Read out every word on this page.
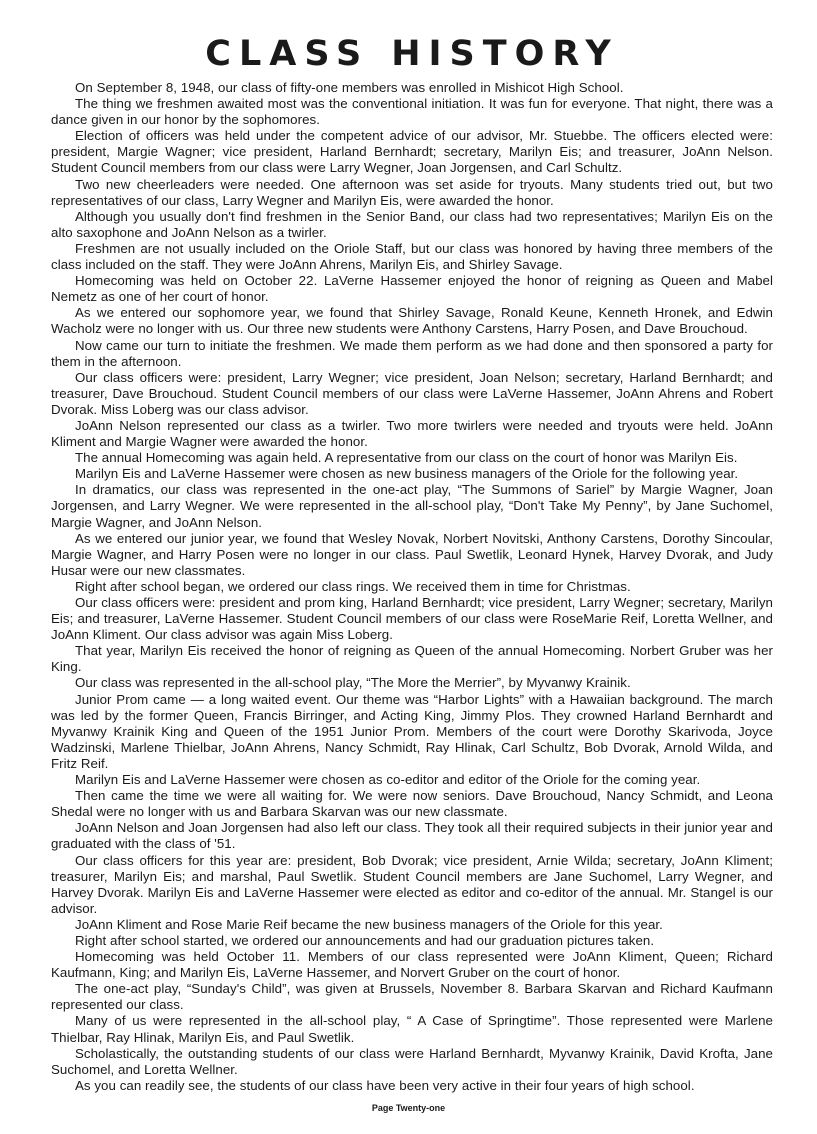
CLASS HISTORY

On September 8, 1948, our class of fifty-one members was enrolled in Mishicot High School.

The thing we freshmen awaited most was the conventional initiation. It was fun for everyone. That night, there was a dance given in our honor by the sophomores.

Election of officers was held under the competent advice of our advisor, Mr. Stuebbe. The officers elected were: president, Margie Wagner; vice president, Harland Bernhardt; secretary, Marilyn Eis; and treasurer, JoAnn Nelson. Student Council members from our class were Larry Wegner, Joan Jorgensen, and Carl Schultz.

Two new cheerleaders were needed. One afternoon was set aside for tryouts. Many students tried out, but two representatives of our class, Larry Wegner and Marilyn Eis, were awarded the honor.

Although you usually don't find freshmen in the Senior Band, our class had two representatives; Marilyn Eis on the alto saxophone and JoAnn Nelson as a twirler.

Freshmen are not usually included on the Oriole Staff, but our class was honored by having three members of the class included on the staff. They were JoAnn Ahrens, Marilyn Eis, and Shirley Savage.

Homecoming was held on October 22. LaVerne Hassemer enjoyed the honor of reigning as Queen and Mabel Nemetz as one of her court of honor.

As we entered our sophomore year, we found that Shirley Savage, Ronald Keune, Kenneth Hronek, and Edwin Wacholz were no longer with us. Our three new students were Anthony Carstens, Harry Posen, and Dave Brouchoud.

Now came our turn to initiate the freshmen. We made them perform as we had done and then sponsored a party for them in the afternoon.

Our class officers were: president, Larry Wegner; vice president, Joan Nelson; secretary, Harland Bernhardt; and treasurer, Dave Brouchoud. Student Council members of our class were LaVerne Hassemer, JoAnn Ahrens and Robert Dvorak. Miss Loberg was our class advisor.

JoAnn Nelson represented our class as a twirler. Two more twirlers were needed and tryouts were held. JoAnn Kliment and Margie Wagner were awarded the honor.

The annual Homecoming was again held. A representative from our class on the court of honor was Marilyn Eis.

Marilyn Eis and LaVerne Hassemer were chosen as new business managers of the Oriole for the following year.

In dramatics, our class was represented in the one-act play, “The Summons of Sariel” by Margie Wagner, Joan Jorgensen, and Larry Wegner. We were represented in the all-school play, “Don't Take My Penny”, by Jane Suchomel, Margie Wagner, and JoAnn Nelson.

As we entered our junior year, we found that Wesley Novak, Norbert Novitski, Anthony Carstens, Dorothy Sincoular, Margie Wagner, and Harry Posen were no longer in our class. Paul Swetlik, Leonard Hynek, Harvey Dvorak, and Judy Husar were our new classmates.

Right after school began, we ordered our class rings. We received them in time for Christmas.

Our class officers were: president and prom king, Harland Bernhardt; vice president, Larry Wegner; secretary, Marilyn Eis; and treasurer, LaVerne Hassemer. Student Council members of our class were RoseMarie Reif, Loretta Wellner, and JoAnn Kliment. Our class advisor was again Miss Loberg.

That year, Marilyn Eis received the honor of reigning as Queen of the annual Homecoming. Norbert Gruber was her King.

Our class was represented in the all-school play, “The More the Merrier”, by Myvanwy Krainik.

Junior Prom came — a long waited event. Our theme was “Harbor Lights” with a Hawaiian background. The march was led by the former Queen, Francis Birringer, and Acting King, Jimmy Plos. They crowned Harland Bernhardt and Myvanwy Krainik King and Queen of the 1951 Junior Prom. Members of the court were Dorothy Skarivoda, Joyce Wadzinski, Marlene Thielbar, JoAnn Ahrens, Nancy Schmidt, Ray Hlinak, Carl Schultz, Bob Dvorak, Arnold Wilda, and Fritz Reif.

Marilyn Eis and LaVerne Hassemer were chosen as co-editor and editor of the Oriole for the coming year.

Then came the time we were all waiting for. We were now seniors. Dave Brouchoud, Nancy Schmidt, and Leona Shedal were no longer with us and Barbara Skarvan was our new classmate.

JoAnn Nelson and Joan Jorgensen had also left our class. They took all their required subjects in their junior year and graduated with the class of '51.

Our class officers for this year are: president, Bob Dvorak; vice president, Arnie Wilda; secretary, JoAnn Kliment; treasurer, Marilyn Eis; and marshal, Paul Swetlik. Student Council members are Jane Suchomel, Larry Wegner, and Harvey Dvorak. Marilyn Eis and LaVerne Hassemer were elected as editor and co-editor of the annual. Mr. Stangel is our advisor.

JoAnn Kliment and Rose Marie Reif became the new business managers of the Oriole for this year.

Right after school started, we ordered our announcements and had our graduation pictures taken.

Homecoming was held October 11. Members of our class represented were JoAnn Kliment, Queen; Richard Kaufmann, King; and Marilyn Eis, LaVerne Hassemer, and Norvert Gruber on the court of honor.

The one-act play, “Sunday's Child”, was given at Brussels, November 8. Barbara Skarvan and Richard Kaufmann represented our class.

Many of us were represented in the all-school play, “ A Case of Springtime”. Those represented were Marlene Thielbar, Ray Hlinak, Marilyn Eis, and Paul Swetlik.

Scholastically, the outstanding students of our class were Harland Bernhardt, Myvanwy Krainik, David Krofta, Jane Suchomel, and Loretta Wellner.

As you can readily see, the students of our class have been very active in their four years of high school.

Page Twenty-one
